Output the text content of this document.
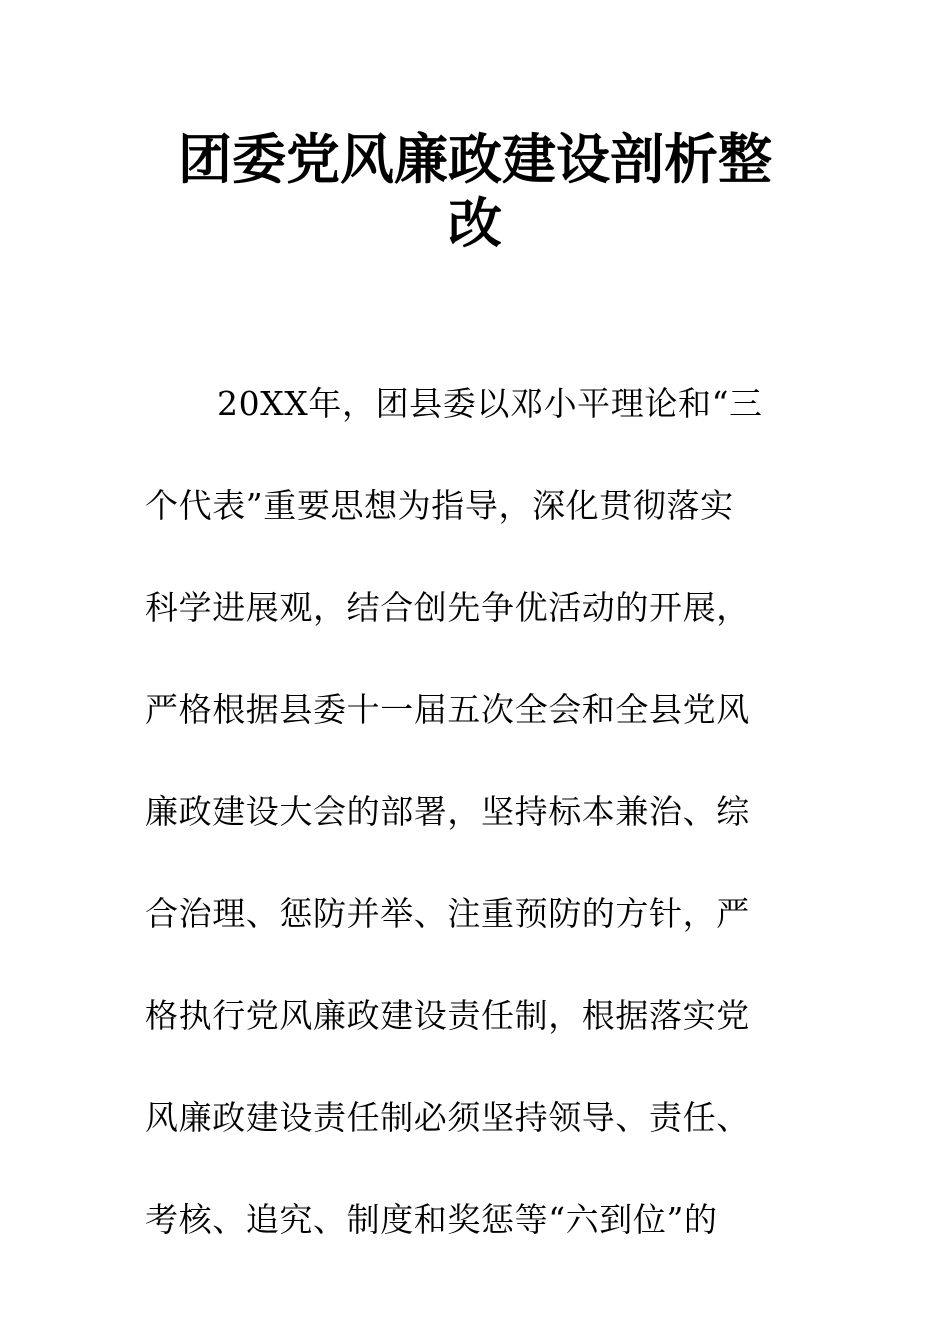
团委党风廉政建设剖析整
改
20XX年，团县委以邓小平理论和“三
个代表”重要思想为指导，深化贯彻落实
科学进展观，结合创先争优活动的开展，
严格根据县委十一届五次全会和全县党风
廉政建设大会的部署，坚持标本兼治、综
合治理、惩防并举、注重预防的方针，严
格执行党风廉政建设责任制，根据落实党
风廉政建设责任制必须坚持领导、责任、
考核、追究、制度和奖惩等“六到位”的
